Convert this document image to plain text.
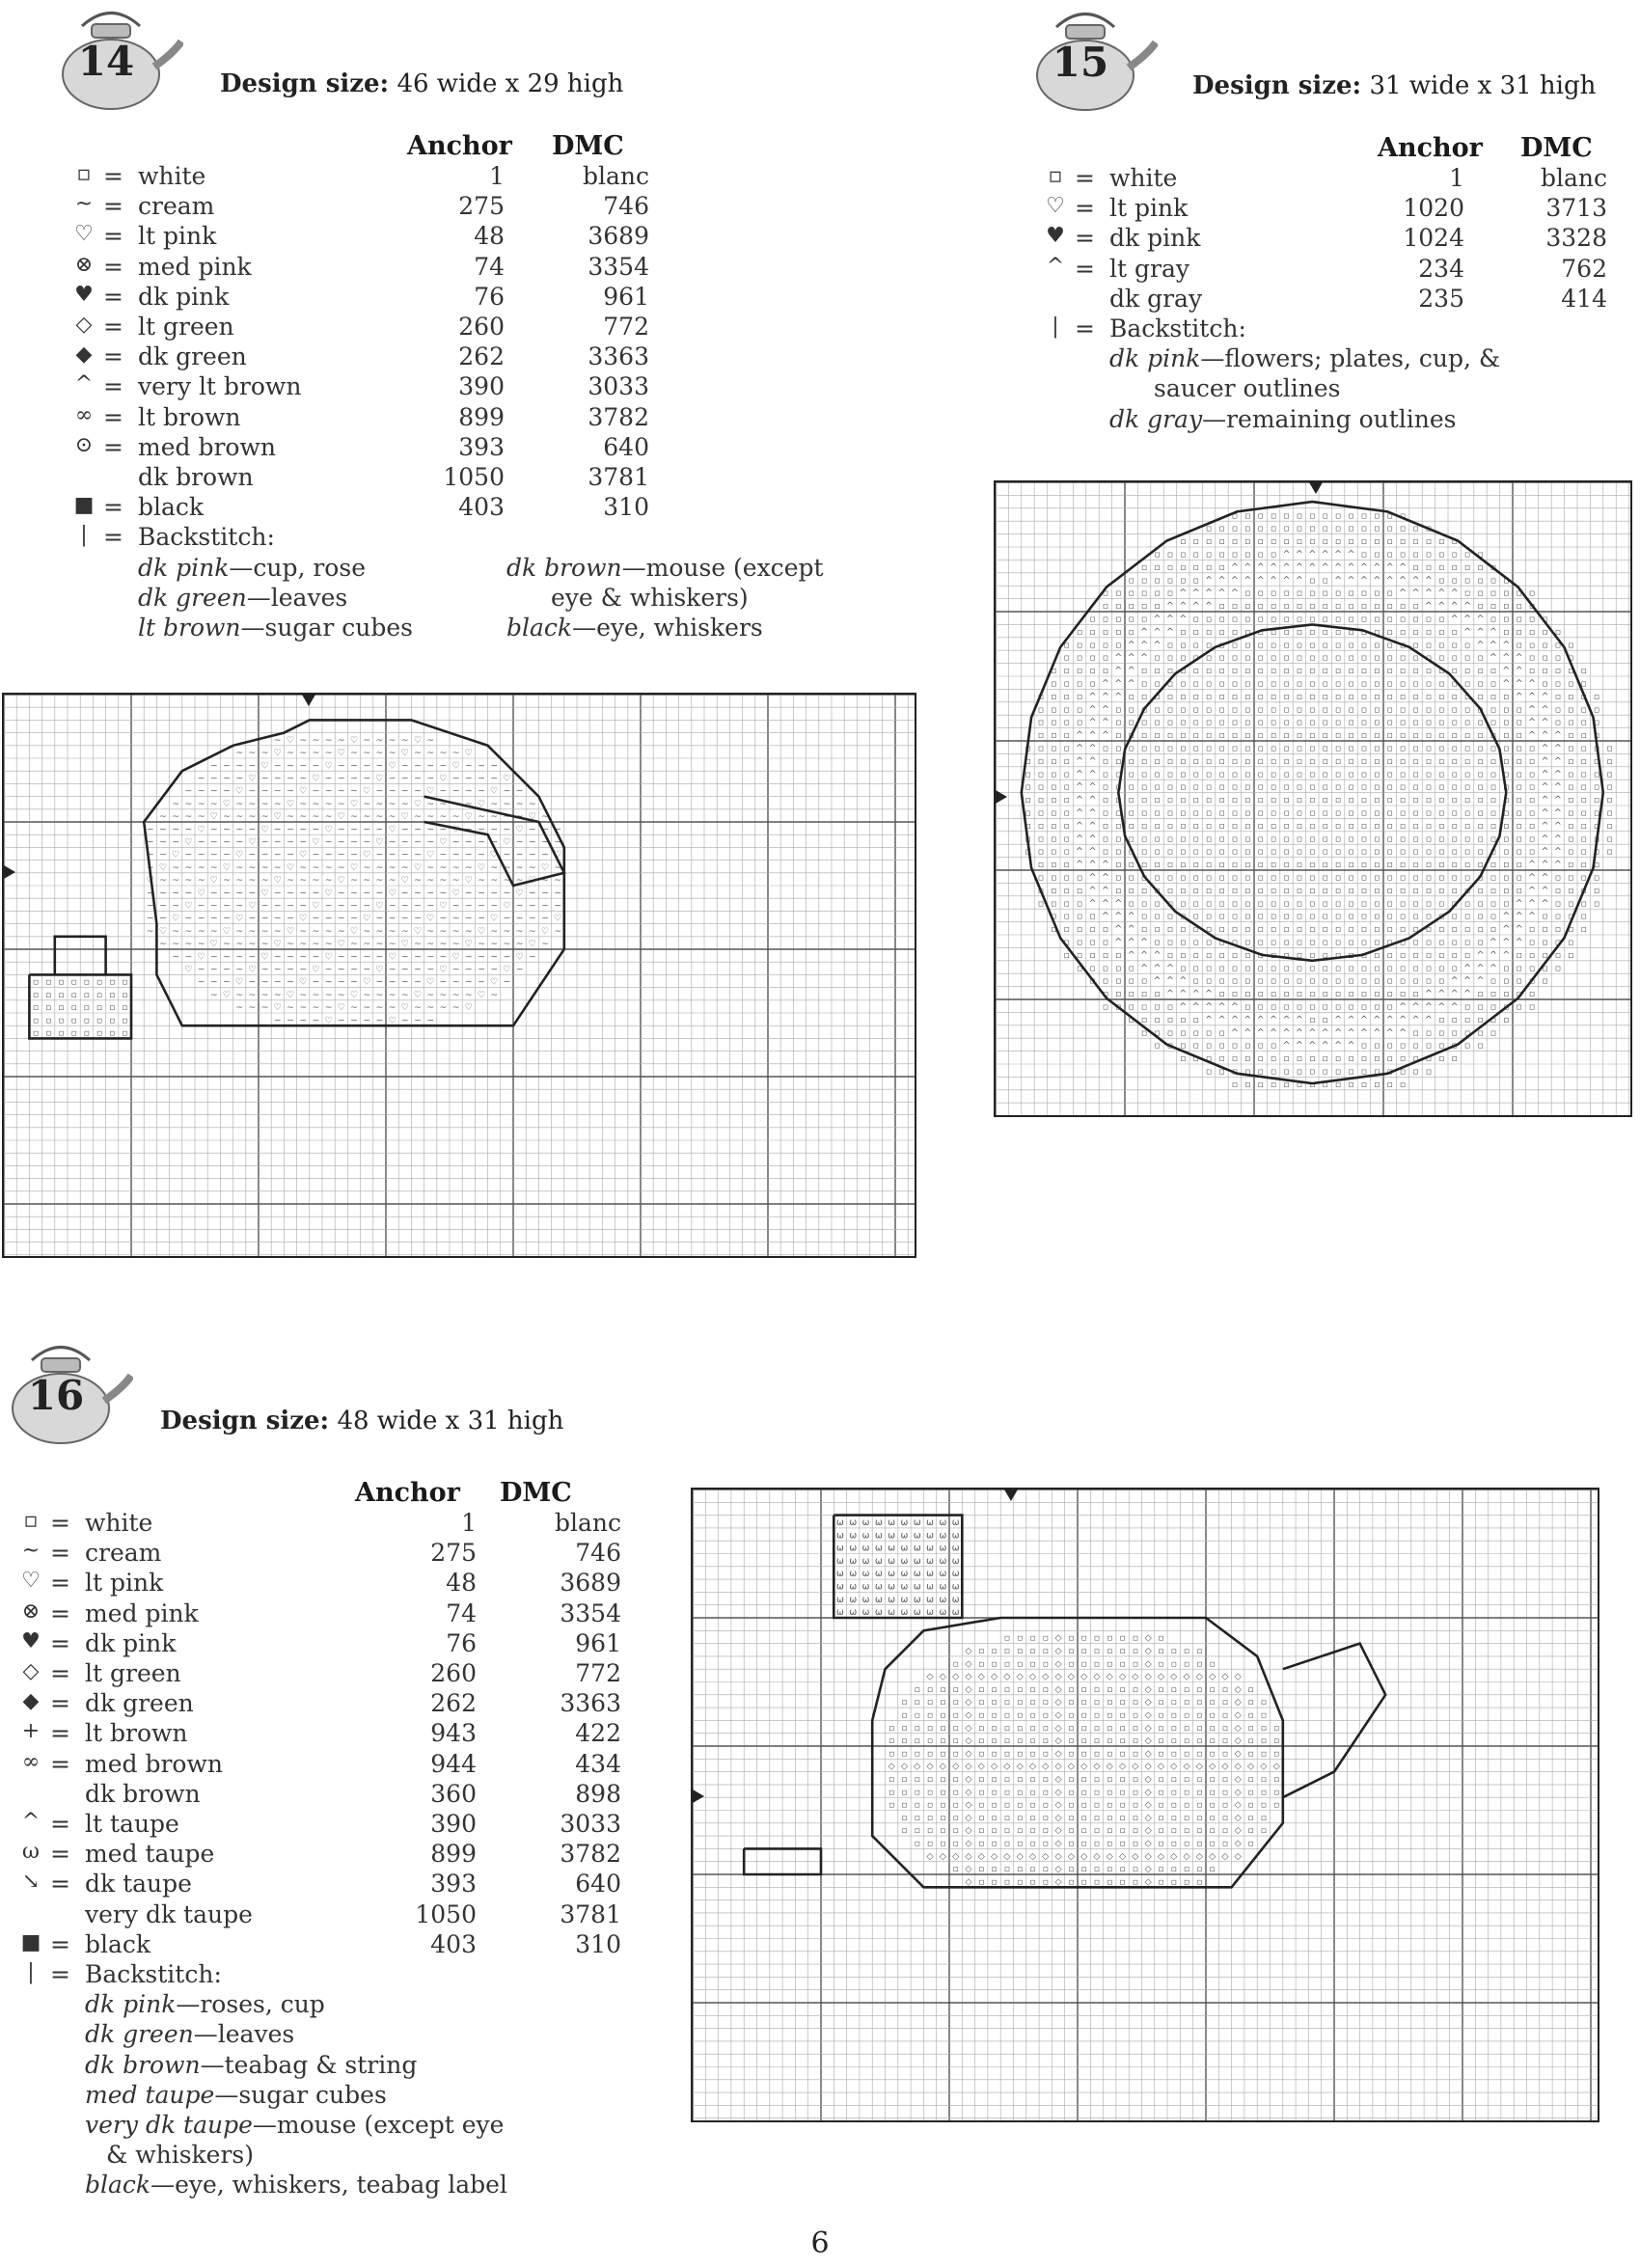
14	Design size: 46 wide x 29 high
Anchor DMC
▫ = white	1	blanc
~ = cream	275	746
♡ = lt pink	48	3689
⊗ = med pink	74	3354
♥ = dk pink	76	961
◇ = lt green	260	772
◆ = dk green	262	3363
^ = very lt brown	390	3033
∞ = lt brown	899	3782
⊙ = med brown	393	640
dk brown	1050	3781
■ = black	403	310
| = Backstitch:
dk pink—cup, rose
dk green—leaves
lt brown—sugar cubes
dk brown—mouse (except
eye & whiskers)
black—eye, whiskers
~ ♡ ~ ~ ~ ~ ♡ ~ ~ ~ ~ ♡ ~
~ ~ ~ ♡ ~ ~ ~ ~ ♡ ~ ~ ~ ~ ♡ ~ ~ ~ ~ ♡
~ ~ ~ ~ ♡ ~ ~ ~ ~ ♡ ~ ~ ~ ~ ♡ ~ ~ ~ ~ ♡ ~ ~ ~
~ ~ ~ ~ ♡ ~ ~ ~ ~ ♡ ~ ~ ~ ~ ♡ ~ ~ ~ ~ ♡ ~ ~ ~ ~ ♡
~ ~ ~ ~ ♡ ~ ~ ~ ~ ♡ ~ ~ ~ ~ ♡ ~ ~ ~ ~ ♡ ~ ~ ~ ~ ♡ ~ ~
~ ~ ~ ~ ♡ ~ ~ ~ ~ ♡ ~ ~ ~ ~ ♡ ~ ~ ~ ~ ♡ ~ ~ ~ ~ ♡ ~ ~ ~ ~
~ ~ ~ ~ ♡ ~ ~ ~ ~ ♡ ~ ~ ~ ~ ♡ ~ ~ ~ ~ ♡ ~ ~ ~ ~ ♡ ~ ~ ~ ~ ♡ ~
~ ~ ~ ~ ♡ ~ ~ ~ ~ ♡ ~ ~ ~ ~ ♡ ~ ~ ~ ~ ♡ ~ ~ ~ ~ ♡ ~ ~ ~ ~ ♡ ~ ~ ~
~ ~ ~ ♡ ~ ~ ~ ~ ♡ ~ ~ ~ ~ ♡ ~ ~ ~ ~ ♡ ~ ~ ~ ~ ♡ ~ ~ ~ ~ ♡ ~ ~ ~ ~
~ ~ ♡ ~ ~ ~ ~ ♡ ~ ~ ~ ~ ♡ ~ ~ ~ ~ ♡ ~ ~ ~ ~ ♡ ~ ~ ~ ~ ♡ ~ ~ ~ ~ ♡
~ ♡ ~ ~ ~ ~ ♡ ~ ~ ~ ~ ♡ ~ ~ ~ ~ ♡ ~ ~ ~ ~ ♡ ~ ~ ~ ~ ♡ ~ ~ ~ ~ ♡ ~
♡ ~ ~ ~ ~ ♡ ~ ~ ~ ~ ♡ ~ ~ ~ ~ ♡ ~ ~ ~ ~ ♡ ~ ~ ~ ~ ♡ ~ ~ ~ ~ ♡ ~ ~
~ ~ ~ ~ ♡ ~ ~ ~ ~ ♡ ~ ~ ~ ~ ♡ ~ ~ ~ ~ ♡ ~ ~ ~ ~ ♡ ~ ~ ~ ~ ♡ ~ ~ ~
~ ~ ~ ♡ ~ ~ ~ ~ ♡ ~ ~ ~ ~ ♡ ~ ~ ~ ~ ♡ ~ ~ ~ ~ ♡ ~ ~ ~ ~ ♡ ~ ~ ~ ~
~ ~ ♡ ~ ~ ~ ~ ♡ ~ ~ ~ ~ ♡ ~ ~ ~ ~ ♡ ~ ~ ~ ~ ♡ ~ ~ ~ ~ ♡ ~ ~ ~ ~ ♡
~ ♡ ~ ~ ~ ~ ♡ ~ ~ ~ ~ ♡ ~ ~ ~ ~ ♡ ~ ~ ~ ~ ♡ ~ ~ ~ ~ ♡ ~ ~ ~ ~ ♡ ~
~ ~ ~ ~ ♡ ~ ~ ~ ~ ♡ ~ ~ ~ ~ ♡ ~ ~ ~ ~ ♡ ~ ~ ~ ~ ♡ ~ ~ ~ ~ ♡ ~
~ ~ ♡ ~ ~ ~ ~ ♡ ~ ~ ~ ~ ♡ ~ ~ ~ ~ ♡ ~ ~ ~ ~ ♡ ~ ~ ~ ~ ♡ ~
♡ ~ ~ ~ ~ ♡ ~ ~ ~ ~ ♡ ~ ~ ~ ~ ♡ ~ ~ ~ ~ ♡ ~ ~ ~ ~ ♡ ~
~ ~ ~ ♡ ~ ~ ~ ~ ♡ ~ ~ ~ ~ ♡ ~ ~ ~ ~ ♡ ~ ~ ~ ~ ♡ ~
~ ♡ ~ ~ ~ ~ ♡ ~ ~ ~ ~ ♡ ~ ~ ~ ~ ♡ ~ ~ ~ ~ ♡ ~
~ ~ ~ ♡ ~ ~ ~ ~ ♡ ~ ~ ~ ~ ♡ ~ ~ ~ ~ ♡
~ ~ ~ ~ ♡ ~ ~ ~ ~ ♡ ~ ~ ~
▫ ▫ ▫ ▫ ▫ ▫ ▫ ▫
▫ ▫ ▫ ▫ ▫ ▫ ▫ ▫
▫ ▫ ▫ ▫ ▫ ▫ ▫ ▫
▫ ▫ ▫ ▫ ▫ ▫ ▫ ▫
▫ ▫ ▫ ▫ ▫ ▫ ▫ ▫
15	Design size: 31 wide x 31 high
Anchor DMC
▫ = white	1	blanc
♡ = lt pink	1020	3713
♥ = dk pink	1024	3328
^ = lt gray	234	762
dk gray	235	414
| = Backstitch:
dk pink—flowers; plates, cup, &
saucer outlines
dk gray—remaining outlines
▫ ▫ ▫ ▫ ▫ ▫ ▫ ▫ ▫ ▫ ▫ ▫ ▫ ▫
▫ ▫ ▫ ▫ ▫ ▫ ▫ ▫ ▫ ▫ ▫ ▫ ▫ ▫ ▫ ▫ ▫ ▫
▫ ▫ ▫ ▫ ▫ ▫ ▫ ▫ ▫ ▫ ▫ ▫ ▫ ▫ ▫ ▫ ▫ ▫ ▫ ▫ ▫ ▫
▫ ▫ ▫ ▫ ▫ ▫ ▫ ▫ ▫ ▫ ^ ^ ^ ^ ^ ^ ▫ ▫ ▫ ▫ ▫ ▫ ▫ ▫ ▫ ▫
▫ ▫ ▫ ▫ ▫ ▫ ▫ ^ ^ ^ ^ ^ ^ ^ ^ ^ ^ ^ ^ ^ ^ ▫ ▫ ▫ ▫ ▫ ▫ ▫
▫ ▫ ▫ ▫ ▫ ▫ ^ ^ ^ ^ ^ ^ ^ ^ ▫ ▫ ^ ^ ^ ^ ^ ^ ^ ^ ▫ ▫ ▫ ▫ ▫ ▫
▫ ▫ ▫ ▫ ▫ ▫ ^ ^ ^ ^ ^ ▫ ▫ ▫ ▫ ▫ ▫ ▫ ▫ ▫ ▫ ▫ ▫ ^ ^ ^ ^ ^ ▫ ▫ ▫ ▫ ▫ ▫
▫ ▫ ▫ ▫ ▫ ^ ^ ^ ^ ▫ ▫ ▫ ▫ ▫ ▫ ▫ ▫ ▫ ▫ ▫ ▫ ▫ ▫ ▫ ▫ ^ ^ ^ ^ ▫ ▫ ▫ ▫ ▫
▫ ▫ ▫ ▫ ▫ ^ ^ ^ ▫ ▫ ▫ ▫ ▫ ▫ ▫ ▫ ▫ ▫ ▫ ▫ ▫ ▫ ▫ ▫ ▫ ▫ ▫ ▫ ^ ^ ^ ▫ ▫ ▫ ▫ ▫
▫ ▫ ▫ ▫ ▫ ^ ^ ^ ▫ ▫ ▫ ▫ ▫ ▫ ▫ ▫ ▫ ▫ ▫ ▫ ▫ ▫ ▫ ▫ ▫ ▫ ▫ ▫ ▫ ▫ ^ ^ ^ ▫ ▫ ▫ ▫ ▫
▫ ▫ ▫ ▫ ▫ ^ ^ ^ ▫ ▫ ▫ ▫ ▫ ▫ ▫ ▫ ▫ ▫ ▫ ▫ ▫ ▫ ▫ ▫ ▫ ▫ ▫ ▫ ▫ ▫ ▫ ▫ ^ ^ ^ ▫ ▫ ▫ ▫ ▫
▫ ▫ ▫ ▫ ^ ^ ^ ▫ ▫ ▫ ▫ ▫ ▫ ▫ ▫ ▫ ▫ ▫ ▫ ▫ ▫ ▫ ▫ ▫ ▫ ▫ ▫ ▫ ▫ ▫ ▫ ▫ ▫ ^ ^ ^ ▫ ▫ ▫ ▫
▫ ▫ ▫ ▫ ▫ ^ ^ ▫ ▫ ▫ ▫ ▫ ▫ ▫ ▫ ▫ ▫ ▫ ▫ ▫ ▫ ▫ ▫ ▫ ▫ ▫ ▫ ▫ ▫ ▫ ▫ ▫ ▫ ▫ ▫ ^ ^ ▫ ▫ ▫ ▫ ▫
▫ ▫ ▫ ▫ ^ ^ ^ ▫ ▫ ▫ ▫ ▫ ▫ ▫ ▫ ▫ ▫ ▫ ▫ ▫ ▫ ▫ ▫ ▫ ▫ ▫ ▫ ▫ ▫ ▫ ▫ ▫ ▫ ▫ ▫ ^ ^ ^ ▫ ▫ ▫ ▫
▫ ▫ ▫ ▫ ^ ^ ^ ▫ ▫ ▫ ▫ ▫ ▫ ▫ ▫ ▫ ▫ ▫ ▫ ▫ ▫ ▫ ▫ ▫ ▫ ▫ ▫ ▫ ▫ ▫ ▫ ▫ ▫ ▫ ▫ ▫ ▫ ^ ^ ^ ▫ ▫ ▫ ▫
▫ ▫ ▫ ▫ ^ ^ ▫ ▫ ▫ ▫ ▫ ▫ ▫ ▫ ▫ ▫ ▫ ▫ ▫ ▫ ▫ ▫ ▫ ▫ ▫ ▫ ▫ ▫ ▫ ▫ ▫ ▫ ▫ ▫ ▫ ▫ ▫ ▫ ^ ^ ▫ ▫ ▫ ▫
▫ ▫ ▫ ▫ ^ ^ ▫ ▫ ▫ ▫ ▫ ▫ ▫ ▫ ▫ ▫ ▫ ▫ ▫ ▫ ▫ ▫ ▫ ▫ ▫ ▫ ▫ ▫ ▫ ▫ ▫ ▫ ▫ ▫ ▫ ▫ ▫ ▫ ^ ^ ▫ ▫ ▫ ▫
▫ ▫ ▫ ^ ^ ^ ▫ ▫ ▫ ▫ ▫ ▫ ▫ ▫ ▫ ▫ ▫ ▫ ▫ ▫ ▫ ▫ ▫ ▫ ▫ ▫ ▫ ▫ ▫ ▫ ▫ ▫ ▫ ▫ ▫ ▫ ▫ ▫ ^ ^ ^ ▫ ▫ ▫
▫ ▫ ▫ ▫ ^ ^ ▫ ▫ ▫ ▫ ▫ ▫ ▫ ▫ ▫ ▫ ▫ ▫ ▫ ▫ ▫ ▫ ▫ ▫ ▫ ▫ ▫ ▫ ▫ ▫ ▫ ▫ ▫ ▫ ▫ ▫ ▫ ▫ ▫ ▫ ^ ^ ▫ ▫ ▫ ▫
▫ ▫ ▫ ▫ ^ ^ ▫ ▫ ▫ ▫ ▫ ▫ ▫ ▫ ▫ ▫ ▫ ▫ ▫ ▫ ▫ ▫ ▫ ▫ ▫ ▫ ▫ ▫ ▫ ▫ ▫ ▫ ▫ ▫ ▫ ▫ ▫ ▫ ▫ ▫ ^ ^ ▫ ▫ ▫ ▫
▫ ▫ ▫ ▫ ^ ^ ▫ ▫ ▫ ▫ ▫ ▫ ▫ ▫ ▫ ▫ ▫ ▫ ▫ ▫ ▫ ▫ ▫ ▫ ▫ ▫ ▫ ▫ ▫ ▫ ▫ ▫ ▫ ▫ ▫ ▫ ▫ ▫ ▫ ▫ ^ ^ ▫ ▫ ▫ ▫
▫ ▫ ▫ ▫ ^ ^ ▫ ▫ ▫ ▫ ▫ ▫ ▫ ▫ ▫ ▫ ▫ ▫ ▫ ▫ ▫ ▫ ▫ ▫ ▫ ▫ ▫ ▫ ▫ ▫ ▫ ▫ ▫ ▫ ▫ ▫ ▫ ▫ ▫ ▫ ^ ^ ▫ ▫ ▫ ▫
▫ ▫ ▫ ▫ ^ ^ ▫ ▫ ▫ ▫ ▫ ▫ ▫ ▫ ▫ ▫ ▫ ▫ ▫ ▫ ▫ ▫ ▫ ▫ ▫ ▫ ▫ ▫ ▫ ▫ ▫ ▫ ▫ ▫ ▫ ▫ ▫ ▫ ▫ ▫ ^ ^ ▫ ▫ ▫ ▫
▫ ▫ ▫ ▫ ^ ^ ▫ ▫ ▫ ▫ ▫ ▫ ▫ ▫ ▫ ▫ ▫ ▫ ▫ ▫ ▫ ▫ ▫ ▫ ▫ ▫ ▫ ▫ ▫ ▫ ▫ ▫ ▫ ▫ ▫ ▫ ▫ ▫ ▫ ▫ ^ ^ ▫ ▫ ▫ ▫
▫ ▫ ▫ ▫ ^ ^ ▫ ▫ ▫ ▫ ▫ ▫ ▫ ▫ ▫ ▫ ▫ ▫ ▫ ▫ ▫ ▫ ▫ ▫ ▫ ▫ ▫ ▫ ▫ ▫ ▫ ▫ ▫ ▫ ▫ ▫ ▫ ▫ ▫ ▫ ^ ^ ▫ ▫ ▫ ▫
▫ ▫ ▫ ▫ ^ ^ ▫ ▫ ▫ ▫ ▫ ▫ ▫ ▫ ▫ ▫ ▫ ▫ ▫ ▫ ▫ ▫ ▫ ▫ ▫ ▫ ▫ ▫ ▫ ▫ ▫ ▫ ▫ ▫ ▫ ▫ ▫ ▫ ▫ ▫ ^ ^ ▫ ▫ ▫ ▫
▫ ▫ ▫ ▫ ^ ^ ▫ ▫ ▫ ▫ ▫ ▫ ▫ ▫ ▫ ▫ ▫ ▫ ▫ ▫ ▫ ▫ ▫ ▫ ▫ ▫ ▫ ▫ ▫ ▫ ▫ ▫ ▫ ▫ ▫ ▫ ▫ ▫ ▫ ▫ ^ ^ ▫ ▫ ▫ ▫
▫ ▫ ▫ ^ ^ ^ ▫ ▫ ▫ ▫ ▫ ▫ ▫ ▫ ▫ ▫ ▫ ▫ ▫ ▫ ▫ ▫ ▫ ▫ ▫ ▫ ▫ ▫ ▫ ▫ ▫ ▫ ▫ ▫ ▫ ▫ ▫ ▫ ^ ^ ^ ▫ ▫ ▫
▫ ▫ ▫ ▫ ^ ^ ▫ ▫ ▫ ▫ ▫ ▫ ▫ ▫ ▫ ▫ ▫ ▫ ▫ ▫ ▫ ▫ ▫ ▫ ▫ ▫ ▫ ▫ ▫ ▫ ▫ ▫ ▫ ▫ ▫ ▫ ▫ ▫ ^ ^ ▫ ▫ ▫ ▫
▫ ▫ ▫ ▫ ^ ^ ▫ ▫ ▫ ▫ ▫ ▫ ▫ ▫ ▫ ▫ ▫ ▫ ▫ ▫ ▫ ▫ ▫ ▫ ▫ ▫ ▫ ▫ ▫ ▫ ▫ ▫ ▫ ▫ ▫ ▫ ▫ ▫ ^ ^ ▫ ▫ ▫ ▫
▫ ▫ ▫ ▫ ^ ^ ^ ▫ ▫ ▫ ▫ ▫ ▫ ▫ ▫ ▫ ▫ ▫ ▫ ▫ ▫ ▫ ▫ ▫ ▫ ▫ ▫ ▫ ▫ ▫ ▫ ▫ ▫ ▫ ▫ ▫ ▫ ^ ^ ^ ▫ ▫ ▫ ▫
▫ ▫ ▫ ▫ ^ ^ ^ ▫ ▫ ▫ ▫ ▫ ▫ ▫ ▫ ▫ ▫ ▫ ▫ ▫ ▫ ▫ ▫ ▫ ▫ ▫ ▫ ▫ ▫ ▫ ▫ ▫ ▫ ▫ ▫ ^ ^ ^ ▫ ▫ ▫ ▫
▫ ▫ ▫ ▫ ▫ ^ ^ ▫ ▫ ▫ ▫ ▫ ▫ ▫ ▫ ▫ ▫ ▫ ▫ ▫ ▫ ▫ ▫ ▫ ▫ ▫ ▫ ▫ ▫ ▫ ▫ ▫ ▫ ▫ ▫ ^ ^ ▫ ▫ ▫ ▫ ▫
▫ ▫ ▫ ▫ ^ ^ ^ ▫ ▫ ▫ ▫ ▫ ▫ ▫ ▫ ▫ ▫ ▫ ▫ ▫ ▫ ▫ ▫ ▫ ▫ ▫ ▫ ▫ ▫ ▫ ▫ ▫ ▫ ^ ^ ^ ▫ ▫ ▫ ▫
▫ ▫ ▫ ▫ ▫ ^ ^ ^ ▫ ▫ ▫ ▫ ▫ ▫ ▫ ▫ ▫ ▫ ▫ ▫ ▫ ▫ ▫ ▫ ▫ ▫ ▫ ▫ ▫ ▫ ▫ ▫ ^ ^ ^ ▫ ▫ ▫ ▫ ▫
▫ ▫ ▫ ▫ ▫ ^ ^ ^ ▫ ▫ ▫ ▫ ▫ ▫ ▫ ▫ ▫ ▫ ▫ ▫ ▫ ▫ ▫ ▫ ▫ ▫ ▫ ▫ ▫ ▫ ^ ^ ^ ▫ ▫ ▫ ▫ ▫
▫ ▫ ▫ ▫ ▫ ^ ^ ^ ▫ ▫ ▫ ▫ ▫ ▫ ▫ ▫ ▫ ▫ ▫ ▫ ▫ ▫ ▫ ▫ ▫ ▫ ▫ ▫ ^ ^ ^ ▫ ▫ ▫ ▫ ▫
▫ ▫ ▫ ▫ ▫ ^ ^ ^ ^ ▫ ▫ ▫ ▫ ▫ ▫ ▫ ▫ ▫ ▫ ▫ ▫ ▫ ▫ ▫ ▫ ^ ^ ^ ^ ▫ ▫ ▫ ▫ ▫
▫ ▫ ▫ ▫ ▫ ▫ ^ ^ ^ ^ ^ ▫ ▫ ▫ ▫ ▫ ▫ ▫ ▫ ▫ ▫ ▫ ▫ ^ ^ ^ ^ ^ ▫ ▫ ▫ ▫ ▫ ▫
▫ ▫ ▫ ▫ ▫ ▫ ^ ^ ^ ^ ^ ^ ^ ^ ▫ ▫ ^ ^ ^ ^ ^ ^ ^ ^ ▫ ▫ ▫ ▫ ▫ ▫
▫ ▫ ▫ ▫ ▫ ▫ ▫ ^ ^ ^ ^ ^ ^ ^ ^ ^ ^ ^ ^ ^ ^ ▫ ▫ ▫ ▫ ▫ ▫ ▫
▫ ▫ ▫ ▫ ▫ ▫ ▫ ▫ ▫ ▫ ^ ^ ^ ^ ^ ^ ▫ ▫ ▫ ▫ ▫ ▫ ▫ ▫ ▫ ▫
▫ ▫ ▫ ▫ ▫ ▫ ▫ ▫ ▫ ▫ ▫ ▫ ▫ ▫ ▫ ▫ ▫ ▫ ▫ ▫ ▫ ▫
▫ ▫ ▫ ▫ ▫ ▫ ▫ ▫ ▫ ▫ ▫ ▫ ▫ ▫ ▫ ▫ ▫ ▫
▫ ▫ ▫ ▫ ▫ ▫ ▫ ▫ ▫ ▫ ▫ ▫ ▫ ▫
16
Design size: 48 wide x 31 high
Anchor DMC
▫ = white	1	blanc
~ = cream	275	746
♡ = lt pink	48	3689
⊗ = med pink	74	3354
♥ = dk pink	76	961
◇ = lt green	260	772
◆ = dk green	262	3363
+ = lt brown	943	422
∞ = med brown	944	434
dk brown	360	898
^ = lt taupe	390	3033
ω = med taupe	899	3782
↘ = dk taupe	393	640
very dk taupe	1050	3781
■ = black	403	310
| = Backstitch:
dk pink—roses, cup
dk green—leaves
dk brown—teabag & string
med taupe—sugar cubes
very dk taupe—mouse (except eye
& whiskers)
black—eye, whiskers, teabag label
▫ ▫ ▫ ▫ ◇ ▫ ▫ ▫ ▫ ▫ ▫ ◇ ▫
◇ ▫ ▫ ▫ ▫ ▫ ▫ ◇ ▫ ▫ ▫ ▫ ▫ ▫ ◇ ▫ ▫ ▫ ▫
▫ ◇ ▫ ▫ ▫ ▫ ▫ ▫ ◇ ▫ ▫ ▫ ▫ ▫ ▫ ◇ ▫ ▫ ▫ ▫ ▫
◇ ◇ ◇ ◇ ◇ ◇ ◇ ◇ ◇ ◇ ◇ ◇ ◇ ◇ ◇ ◇ ◇ ◇ ◇ ◇ ◇ ◇ ◇ ◇ ◇
▫ ▫ ▫ ▫ ◇ ▫ ▫ ▫ ▫ ▫ ▫ ◇ ▫ ▫ ▫ ▫ ▫ ▫ ◇ ▫ ▫ ▫ ▫ ▫ ▫ ◇ ▫
▫ ▫ ▫ ▫ ▫ ◇ ▫ ▫ ▫ ▫ ▫ ▫ ◇ ▫ ▫ ▫ ▫ ▫ ▫ ◇ ▫ ▫ ▫ ▫ ▫ ▫ ◇ ▫ ▫
▫ ▫ ▫ ▫ ▫ ◇ ▫ ▫ ▫ ▫ ▫ ▫ ◇ ▫ ▫ ▫ ▫ ▫ ▫ ◇ ▫ ▫ ▫ ▫ ▫ ▫ ◇ ▫ ▫
▫ ▫ ▫ ▫ ▫ ▫ ◇ ▫ ▫ ▫ ▫ ▫ ▫ ◇ ▫ ▫ ▫ ▫ ▫ ▫ ◇ ▫ ▫ ▫ ▫ ▫ ▫ ◇ ▫ ▫ ▫
▫ ▫ ▫ ▫ ▫ ▫ ◇ ▫ ▫ ▫ ▫ ▫ ▫ ◇ ▫ ▫ ▫ ▫ ▫ ▫ ◇ ▫ ▫ ▫ ▫ ▫ ▫ ◇ ▫ ▫ ▫
▫ ▫ ▫ ▫ ▫ ▫ ◇ ▫ ▫ ▫ ▫ ▫ ▫ ◇ ▫ ▫ ▫ ▫ ▫ ▫ ◇ ▫ ▫ ▫ ▫ ▫ ▫ ◇ ▫ ▫ ▫
◇ ◇ ◇ ◇ ◇ ◇ ◇ ◇ ◇ ◇ ◇ ◇ ◇ ◇ ◇ ◇ ◇ ◇ ◇ ◇ ◇ ◇ ◇ ◇ ◇ ◇ ◇ ◇ ◇ ◇ ◇
▫ ▫ ▫ ▫ ▫ ▫ ◇ ▫ ▫ ▫ ▫ ▫ ▫ ◇ ▫ ▫ ▫ ▫ ▫ ▫ ◇ ▫ ▫ ▫ ▫ ▫ ▫ ◇ ▫ ▫ ▫
▫ ▫ ▫ ▫ ▫ ▫ ◇ ▫ ▫ ▫ ▫ ▫ ▫ ◇ ▫ ▫ ▫ ▫ ▫ ▫ ◇ ▫ ▫ ▫ ▫ ▫ ▫ ◇ ▫ ▫ ▫
▫ ▫ ▫ ▫ ▫ ▫ ◇ ▫ ▫ ▫ ▫ ▫ ▫ ◇ ▫ ▫ ▫ ▫ ▫ ▫ ◇ ▫ ▫ ▫ ▫ ▫ ▫ ◇ ▫ ▫ ▫
▫ ▫ ▫ ▫ ▫ ◇ ▫ ▫ ▫ ▫ ▫ ▫ ◇ ▫ ▫ ▫ ▫ ▫ ▫ ◇ ▫ ▫ ▫ ▫ ▫ ▫ ◇ ▫ ▫
▫ ▫ ▫ ▫ ▫ ◇ ▫ ▫ ▫ ▫ ▫ ▫ ◇ ▫ ▫ ▫ ▫ ▫ ▫ ◇ ▫ ▫ ▫ ▫ ▫ ▫ ◇ ▫ ▫
▫ ▫ ▫ ▫ ◇ ▫ ▫ ▫ ▫ ▫ ▫ ◇ ▫ ▫ ▫ ▫ ▫ ▫ ◇ ▫ ▫ ▫ ▫ ▫ ▫ ◇ ▫
◇ ◇ ◇ ◇ ◇ ◇ ◇ ◇ ◇ ◇ ◇ ◇ ◇ ◇ ◇ ◇ ◇ ◇ ◇ ◇ ◇ ◇ ◇ ◇ ◇
▫ ◇ ▫ ▫ ▫ ▫ ▫ ▫ ◇ ▫ ▫ ▫ ▫ ▫ ▫ ◇ ▫ ▫ ▫ ▫ ▫
◇ ▫ ▫ ▫ ▫ ▫ ▫ ◇ ▫ ▫ ▫ ▫ ▫ ▫ ◇ ▫ ▫ ▫ ▫
ω ω ω ω ω ω ω ω ω ω
ω ω ω ω ω ω ω ω ω ω
ω ω ω ω ω ω ω ω ω ω
ω ω ω ω ω ω ω ω ω ω
ω ω ω ω ω ω ω ω ω ω
ω ω ω ω ω ω ω ω ω ω
ω ω ω ω ω ω ω ω ω ω
ω ω ω ω ω ω ω ω ω ω
6
